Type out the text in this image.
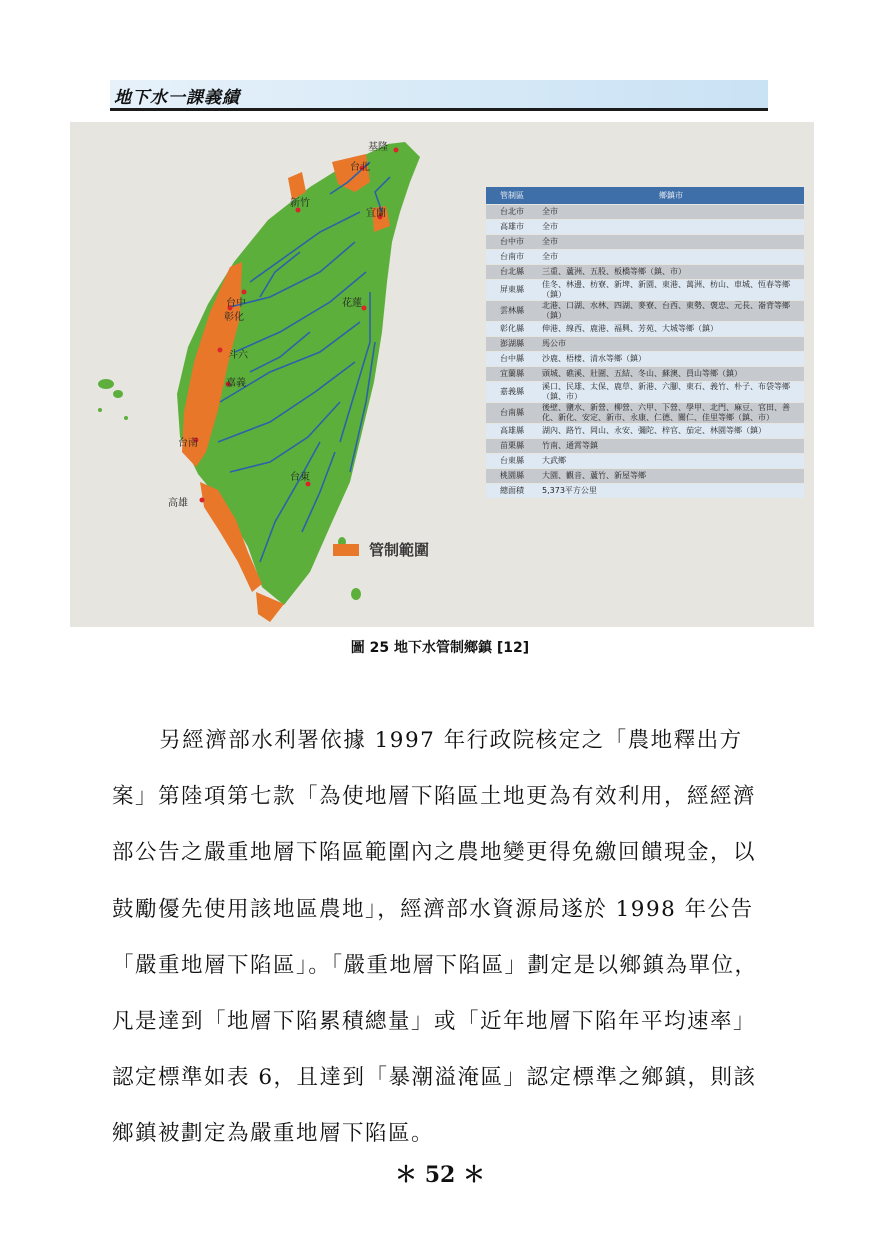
地下水一課義績
基隆
台北
新竹
宜蘭
台中
彰化
花蓮
斗六
嘉義
台南
台東
高雄
管制範圍
管制區	鄉鎮市
台北市	全市
高雄市	全市
台中市	全市
台南市	全市
台北縣	三重、蘆洲、五股、板橋等鄉（鎮、市）
屏東縣	佳冬、林邊、枋寮、新埤、新園、東港、萬洲、枋山、車城、恆春等鄉（鎮）
雲林縣	北港、口湖、水林、四湖、麥寮、台西、東勢、褒忠、元長、崙背等鄉（鎮）
彰化縣	伸港、線西、鹿港、福興、芳苑、大城等鄉（鎮）
澎湖縣	馬公市
台中縣	沙鹿、梧棲、清水等鄉（鎮）
宜蘭縣	頭城、礁溪、壯圍、五結、冬山、蘇澳、員山等鄉（鎮）
嘉義縣	溪口、民雄、太保、鹿草、新港、六腳、東石、義竹、朴子、布袋等鄉（鎮、市）
台南縣	後壁、鹽水、新營、柳營、六甲、下營、學甲、北門、麻豆、官田、善化、新化、安定、新市、永康、仁德、關仁、佳里等鄉（鎮、市）
高雄縣	湖內、路竹、岡山、永安、彌陀、梓官、茄定、林園等鄉（鎮）
苗栗縣	竹南、通霄等鎮
台東縣	大武鄉
桃園縣	大園、觀音、蘆竹、新屋等鄉
總面積	5,373平方公里
圖 25 地下水管制鄉鎮 [12]

另經濟部水利署依據 1997 年行政院核定之「農地釋出方案」第陸項第七款「為使地層下陷區土地更為有效利用，經經濟部公告之嚴重地層下陷區範圍內之農地變更得免繳回饋現金，以鼓勵優先使用該地區農地」，經濟部水資源局遂於 1998 年公告「嚴重地層下陷區」。「嚴重地層下陷區」劃定是以鄉鎮為單位，凡是達到「地層下陷累積總量」或「近年地層下陷年平均速率」認定標準如表 6，且達到「暴潮溢淹區」認定標準之鄉鎮，則該鄉鎮被劃定為嚴重地層下陷區。

＊ 52 ＊
